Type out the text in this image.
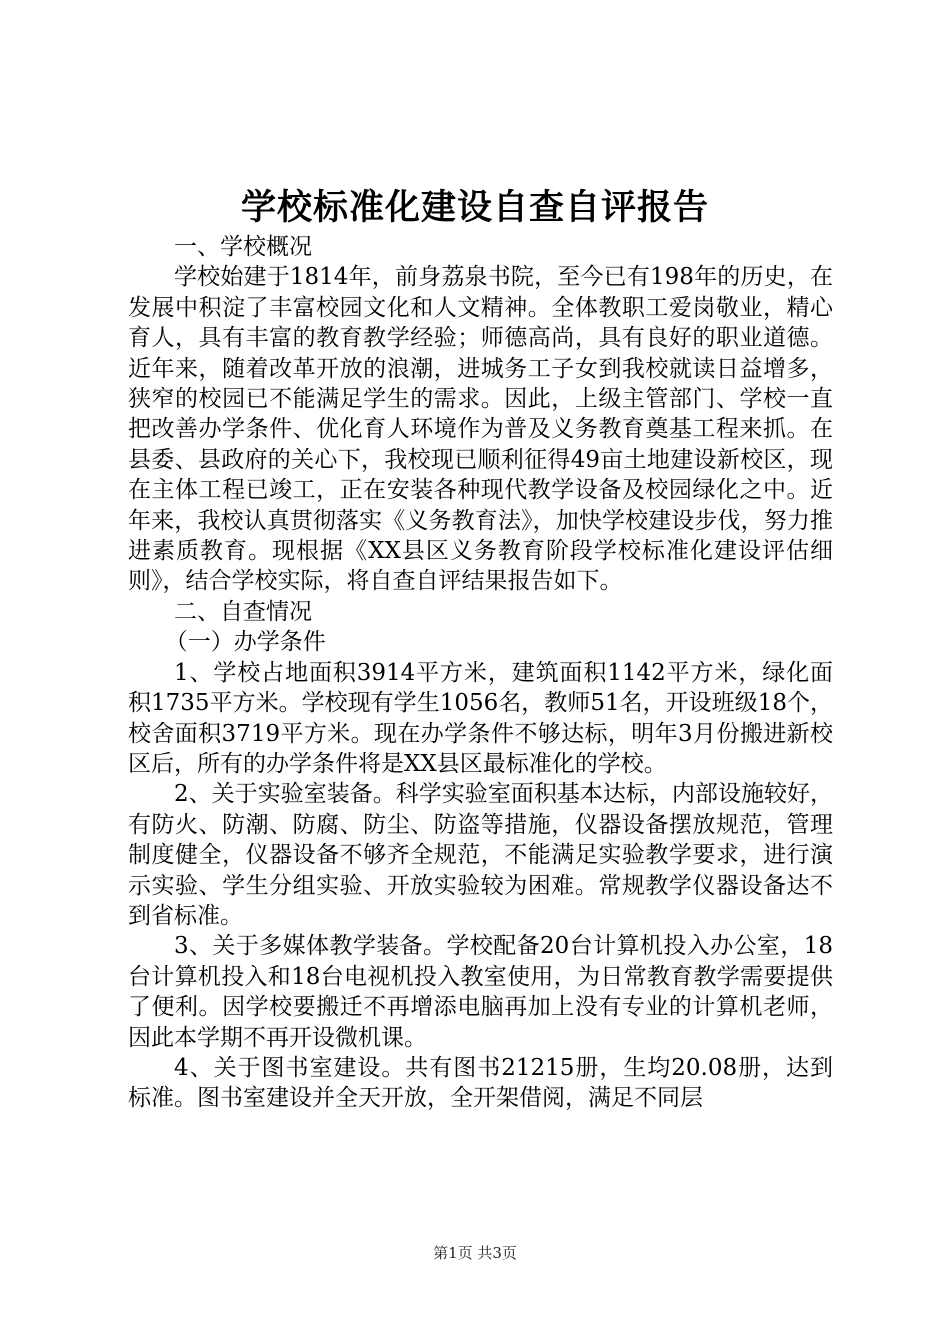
学校标准化建设自查自评报告

一、学校概况

学校始建于1814年，前身荔泉书院，至今已有198年的历史，在发展中积淀了丰富校园文化和人文精神。全体教职工爱岗敬业，精心育人，具有丰富的教育教学经验；师德高尚，具有良好的职业道德。近年来，随着改革开放的浪潮，进城务工子女到我校就读日益增多，狭窄的校园已不能满足学生的需求。因此，上级主管部门、学校一直把改善办学条件、优化育人环境作为普及义务教育奠基工程来抓。在县委、县政府的关心下，我校现已顺利征得49亩土地建设新校区，现在主体工程已竣工，正在安装各种现代教学设备及校园绿化之中。近年来，我校认真贯彻落实《义务教育法》，加快学校建设步伐，努力推进素质教育。现根据《XX县区义务教育阶段学校标准化建设评估细则》，结合学校实际，将自查自评结果报告如下。

二、自查情况

（一）办学条件

1、学校占地面积3914平方米，建筑面积1142平方米，绿化面积1735平方米。学校现有学生1056名，教师51名，开设班级18个，校舍面积3719平方米。现在办学条件不够达标，明年3月份搬进新校区后，所有的办学条件将是XX县区最标准化的学校。

2、关于实验室装备。科学实验室面积基本达标，内部设施较好，有防火、防潮、防腐、防尘、防盗等措施，仪器设备摆放规范，管理制度健全，仪器设备不够齐全规范，不能满足实验教学要求，进行演示实验、学生分组实验、开放实验较为困难。常规教学仪器设备达不到省标准。

3、关于多媒体教学装备。学校配备20台计算机投入办公室，18台计算机投入和18台电视机投入教室使用，为日常教育教学需要提供了便利。因学校要搬迁不再增添电脑再加上没有专业的计算机老师，因此本学期不再开设微机课。

4、关于图书室建设。共有图书21215册，生均20.08册，达到标准。图书室建设并全天开放，全开架借阅，满足不同层

第1页 共3页
